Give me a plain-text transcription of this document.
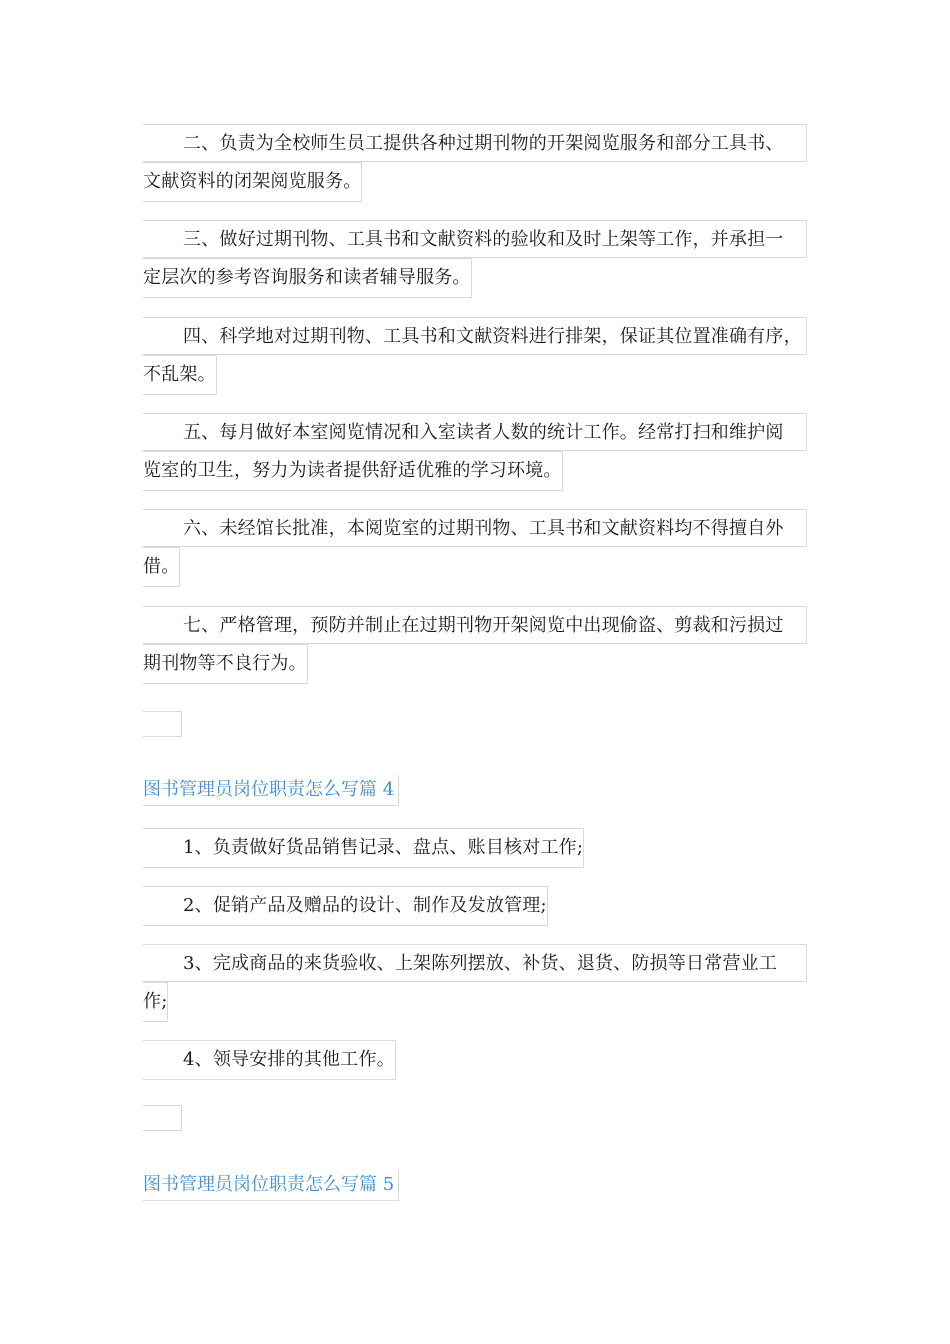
二、负责为全校师生员工提供各种过期刊物的开架阅览服务和部分工具书、
文献资料的闭架阅览服务。
三、做好过期刊物、工具书和文献资料的验收和及时上架等工作，并承担一
定层次的参考咨询服务和读者辅导服务。
四、科学地对过期刊物、工具书和文献资料进行排架，保证其位置准确有序，
不乱架。
五、每月做好本室阅览情况和入室读者人数的统计工作。经常打扫和维护阅
览室的卫生，努力为读者提供舒适优雅的学习环境。
六、未经馆长批准，本阅览室的过期刊物、工具书和文献资料均不得擅自外
借。
七、严格管理，预防并制止在过期刊物开架阅览中出现偷盗、剪裁和污损过
期刊物等不良行为。
图书管理员岗位职责怎么写篇 4
1、负责做好货品销售记录、盘点、账目核对工作;
2、促销产品及赠品的设计、制作及发放管理;
3、完成商品的来货验收、上架陈列摆放、补货、退货、防损等日常营业工
作;
4、领导安排的其他工作。
图书管理员岗位职责怎么写篇 5
